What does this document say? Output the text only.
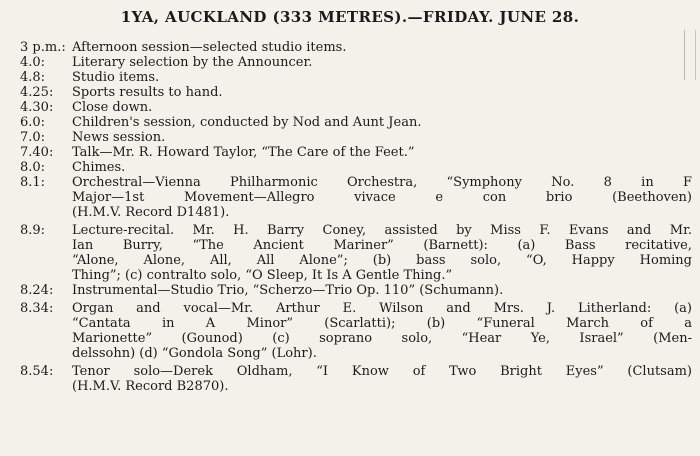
1YA, AUCKLAND (333 METRES).—FRIDAY. JUNE 28.
3 p.m.: Afternoon session—selected studio items.
4.0:	Literary selection by the Announcer.
4.8:	Studio items.
4.25:	Sports results to hand.
4.30:	Close down.
6.0:	Children's session, conducted by Nod and Aunt Jean.
7.0:	News session.
7.40:	Talk—Mr. R. Howard Taylor, “The Care of the Feet.”
8.0:	Chimes.
8.1:	Orchestral—Vienna Philharmonic Orchestra, “Symphony No. 8 in F
Major—1st Movement—Allegro vivace e con brio (Beethoven)
(H.M.V. Record D1481).
8.9:	Lecture-recital. Mr. H. Barry Coney, assisted by Miss F. Evans and Mr.
Ian Burry, “The Ancient Mariner” (Barnett): (a) Bass recitative,
“Alone, Alone, All, All Alone”; (b) bass solo, “O, Happy Homing
Thing”; (c) contralto solo, “O Sleep, It Is A Gentle Thing.”
8.24:	Instrumental—Studio Trio, “Scherzo—Trio Op. 110” (Schumann).
8.34:	Organ and vocal—Mr. Arthur E. Wilson and Mrs. J. Litherland: (a)
“Cantata in A Minor” (Scarlatti); (b) “Funeral March of a
Marionette” (Gounod) (c) soprano solo, “Hear Ye, Israel” (Men-
delssohn) (d) “Gondola Song” (Lohr).
8.54:	Tenor solo—Derek Oldham, “I Know of Two Bright Eyes” (Clutsam)
(H.M.V. Record B2870).
